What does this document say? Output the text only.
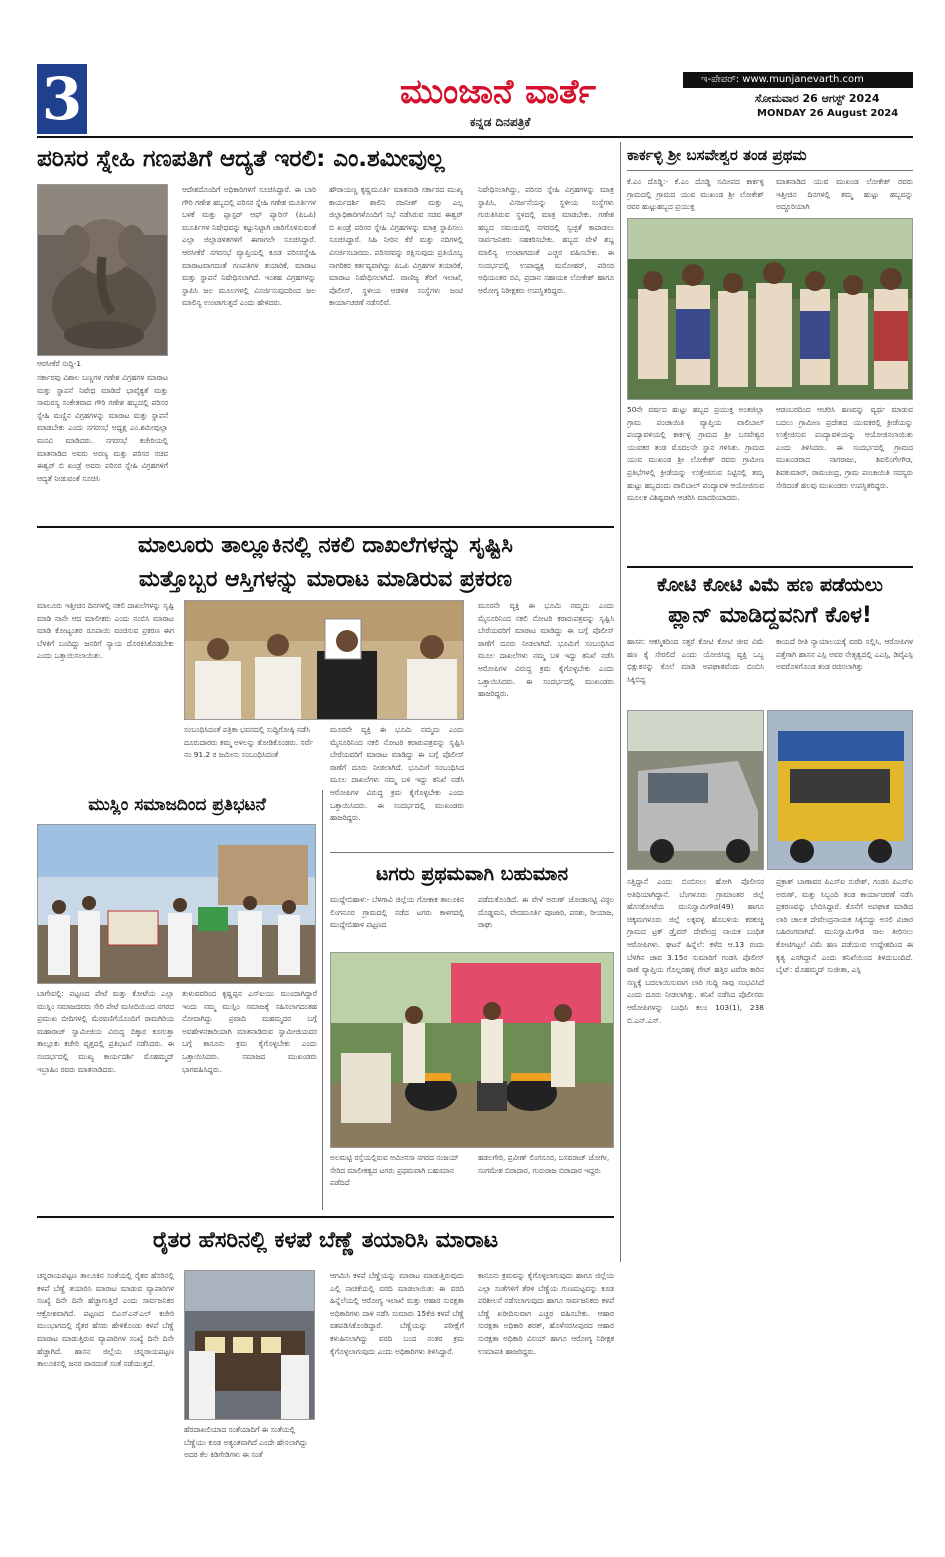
3	ಮುಂಜಾನೆ ವಾರ್ತೆ
ಕನ್ನಡ ದಿನಪತ್ರಿಕೆ
ಇ-ಪೇಪರ್: www.munjanevarth.com
ಸೋಮವಾರ 26 ಆಗಸ್ಟ್ 2024
MONDAY 26 August 2024
ಪರಿಸರ ಸ್ನೇಹಿ ಗಣಪತಿಗೆ ಆದ್ಯತೆ ಇರಲಿ: ಎಂ.ಶಮೀವುಲ್ಲ
ಆರಸೀಕೆರೆ ಸುದ್ದಿ-1
ಸರ್ಕಾರವು ವಿಶಾಲ ಬಣ್ಣಗಳ ಗಣೇಶ ವಿಗ್ರಹಗಳ ಮಾರಾಟ ಮತ್ತು ಸ್ಥಾಪನೆ ನಿಷೇಧ ಮಾಡಿದೆ ಭಾವೈಕ್ಯತೆ ಮತ್ತು ಸಾಮರಸ್ಯ ಸಂಕೇತವಾದ ಗೌರಿ ಗಣೇಶ ಹಬ್ಬದಲ್ಲಿ ಪರಿಸರ ಸ್ನೇಹಿ ಮಣ್ಣಿನ ವಿಗ್ರಹಗಳನ್ನು ಮಾರಾಟ ಮತ್ತು ಸ್ಥಾಪನೆ ಮಾಡಬೇಕು ಎಂದು ನಗರಸಭೆ ಅಧ್ಯಕ್ಷ ಎಂ.ಶಮೀವುಲ್ಲಾ ಮನವಿ ಮಾಡಿದರು. ನಗರಸಭೆ ಕಚೇರಿಯಲ್ಲಿ ಮಾತನಾಡಿದ ಅವರು ಅರಣ್ಯ ಮತ್ತು ಪರಿಸರ ಸಚಿವ ಈಶ್ವರ್ ಬಿ ಖಂಡ್ರೆ ಅವರು ಪರಿಸರ ಸ್ನೇಹಿ ವಿಗ್ರಹಗಳಿಗೆ ಆದ್ಯತೆ ನೀಡುವಂತೆ ಸೂಚಿಸಿ
ಆದೇಶದೊಂದಿಗೆ ಅಧಿಕಾರಿಗಳಿಗೆ ಸೂಚಿಸಿದ್ದಾರೆ. ಈ ಬಾರಿ ಗೌರಿ ಗಣೇಶ ಹಬ್ಬದಲ್ಲಿ ಪರಿಸರ ಸ್ನೇಹಿ ಗಣೇಶ ಮೂರ್ತಿಗಳ ಬಳಕೆ ಮತ್ತು ಪ್ಲಾಸ್ಟರ್ ಆಫ್ ಪ್ಯಾರಿಸ್ (ಪಿಒಪಿ) ಮೂರ್ತಿಗಳ ನಿಷೇಧವನ್ನು ಕಟ್ಟುನಿಟ್ಟಾಗಿ ಜಾರಿಗೊಳಿಸುವಂತೆ ಎಲ್ಲಾ ಜಿಲ್ಲಾಡಳಿತಗಳಿಗೆ ಈಗಾಗಲೇ ಸೂಚಿಸಿದ್ದಾರೆ. ಆರಸೀಕೆರೆ ನಗರಸಭೆ ವ್ಯಾಪ್ತಿಯಲ್ಲಿ ಕೂಡ ಪರಿಸರಸ್ನೇಹಿ ಮಾರಾಟವಾಗದಂತೆ ಗಣಪತಿಗಳ ತಯಾರಿಕೆ, ಮಾರಾಟ ಮತ್ತು ಸ್ಥಾಪನೆ ನಿಷೇಧಿಸಲಾಗಿದೆ. ಇಂತಹ ವಿಗ್ರಹಗಳನ್ನು ಸ್ಥಾಪಿಸಿ ಜಲ ಮೂಲಗಳಲ್ಲಿ ವಿಸರ್ಜಿಸುವುದರಿಂದ ಜಲ ಮಾಲಿನ್ಯ ಉಂಟಾಗುತ್ತದೆ ಎಂದು ಹೇಳಿದರು.
ಹೌರಾಯಣ್ಣ ಕೃಷ್ಣಮೂರ್ತಿ ಮಾತನಾಡಿ ಸರ್ಕಾರದ ಮುಖ್ಯ ಕಾರ್ಯದರ್ಶಿ ಶಾಲಿನಿ ರಜನೀಶ್ ಮತ್ತು ಎಲ್ಲ ಜಿಲ್ಲಾಧಿಕಾರಿಗಳೊಂದಿಗೆ ಸಭೆ ನಡೆಸಿರುವ ಸಚಿವ ಈಶ್ವರ್ ಬಿ ಖಂಡ್ರೆ ಪರಿಸರ ಸ್ನೇಹಿ ವಿಗ್ರಹಗಳನ್ನು ಮಾತ್ರ ಸ್ಥಾಪಿಸಲು ಸೂಚಿಸಿದ್ದಾರೆ. ಸಿಹಿ ನೀರಿನ ಕೆರೆ ಮತ್ತು ನದಿಗಳಲ್ಲಿ ವಿಸರ್ಜಿಸಬಾರದು. ಪರಿಸರವನ್ನು ರಕ್ಷಿಸುವುದು ಪ್ರತಿಯೊಬ್ಬ ನಾಗರಿಕರ ಕರ್ತವ್ಯವಾಗಿದ್ದು ಪಿಒಪಿ ವಿಗ್ರಹಗಳ ತಯಾರಿಕೆ, ಮಾರಾಟ ನಿಷೇಧಿಸಲಾಗಿದೆ. ವಾಣಿಜ್ಯ ತೆರಿಗೆ ಇಲಾಖೆ, ಪೊಲೀಸ್, ಸ್ಥಳೀಯ ಆಡಳಿತ ಸಂಸ್ಥೆಗಳು ಜಂಟಿ ಕಾರ್ಯಾಚರಣೆ ನಡೆಸಲಿವೆ.
ನಿಷೇಧಿಸಲಾಗಿದ್ದು, ಪರಿಸರ ಸ್ನೇಹಿ ವಿಗ್ರಹಗಳನ್ನು ಮಾತ್ರ ಸ್ಥಾಪಿಸಿ, ವಿಸರ್ಜನೆಯನ್ನು ಸ್ಥಳೀಯ ಸಂಸ್ಥೆಗಳು ಗುರುತಿಸಿರುವ ಸ್ಥಳದಲ್ಲಿ ಮಾತ್ರ ಮಾಡಬೇಕು. ಗಣೇಶ ಹಬ್ಬದ ಸಮಯದಲ್ಲಿ ನಗರದಲ್ಲಿ ಸ್ವಚ್ಛತೆ ಕಾಪಾಡಲು ಸಾರ್ವಜನಿಕರು ಸಹಕರಿಸಬೇಕು. ಹಬ್ಬದ ವೇಳೆ ಶಬ್ದ ಮಾಲಿನ್ಯ ಉಂಟಾಗದಂತೆ ಎಚ್ಚರ ವಹಿಸಬೇಕು. ಈ ಸಂದರ್ಭದಲ್ಲಿ ಉಪಾಧ್ಯಕ್ಷ ಮನೋಹರ್, ಪರಿಸರ ಅಧಿಯಂತರ ರವಿ, ಪ್ರದಾನ ಸಹಾಯಕ ಲೋಕೇಶ್ ಹಾಗೂ ಆರೋಗ್ಯ ನಿರೀಕ್ಷಕರು ಉಪಸ್ಥಿತರಿದ್ದರು.
ಕಾರ್ಕಳ್ಳಿ ಶ್ರೀ ಬಸವೇಶ್ವರ ತಂಡ ಪ್ರಥಮ
ಕೆ.ಎಂ ದೊಡ್ಡಿ:- ಕೆ.ಎಂ ದೊಡ್ಡಿ ಸಮೀಪದ ಕಾರ್ಕಳ್ಳಿ ಗ್ರಾಮದಲ್ಲಿ ಗ್ರಾಮದ ಯುವ ಮುಖಂಡ ಶ್ರೀ ಲೋಕೇಶ್ ರವರ ಹುಟ್ಟುಹಬ್ಬದ ಪ್ರಯುಕ್ತ
ಮಾತನಾಡಿದ ಯುವ ಮುಖಂಡ ಲೋಕೇಶ್ ರವರು ಇತ್ತೀಚಿನ ದಿನಗಳಲ್ಲಿ ತಮ್ಮ ಹುಟ್ಟು ಹಬ್ಬವನ್ನು ಅದ್ದೂರಿಯಾಗಿ
50ನೇ ವರ್ಷದ ಹುಟ್ಟು ಹಬ್ಬದ ಪ್ರಯುಕ್ತ ಅಂತಜಿಲ್ಲಾ ಗ್ರಾಮ ಪಂಚಾಯಿತಿ ವ್ಯಾಪ್ತಿಯ ವಾಲಿಬಾಲ್ ಪಂದ್ಯಾವಳಿಯಲ್ಲಿ ಕಾರ್ಕಳ್ಳಿ ಗ್ರಾಮದ ಶ್ರೀ ಬಸವೇಶ್ವರ ಯುವಕರ ತಂಡ ಮೊದಲನೇ ಸ್ಥಾನ ಗಳಿಸಿತು. ಗ್ರಾಮದ ಯುವ ಮುಖಂಡ ಶ್ರೀ ಲೋಕೇಶ್ ರವರು ಗ್ರಾಮೀಣ ಪ್ರತಿಭೆಗಳಲ್ಲಿ ಕ್ರೀಡೆಯನ್ನು ಉತ್ತೇಜಿಸುವ ನಿಟ್ಟಿನಲ್ಲಿ ತಮ್ಮ ಹುಟ್ಟು ಹಬ್ಬದಂದು ವಾಲಿಬಾಲ್ ಪಂದ್ಯಾವಳಿ ಆಯೋಜಿಸುವ ಮೂಲಕ ವಿಶಿಷ್ಟವಾಗಿ ಆಚರಿಸಿ ಮಾದರಿಯಾದರು.
ಆಡಂಬರದಿಂದ ಆಚರಿಸಿ ಹಣವನ್ನು ವ್ಯರ್ಥ ಮಾಡುವ ಬದಲು ಗ್ರಾಮೀಣ ಪ್ರದೇಶದ ಯುವಕರಲ್ಲಿ ಕ್ರೀಡೆಯನ್ನು ಉತ್ತೇಜಿಸುವ ಪಂದ್ಯಾವಳಿಯನ್ನು ಆಯೋಜಿಸಲಾಯಿತು ಎಂದು ತಿಳಿಸಿದರು. ಈ ಸಂದರ್ಭದಲ್ಲಿ ಗ್ರಾಮದ ಮುಖಂಡರಾದ ನಾಗರಾಜು, ಶಿವಲಿಂಗೇಗೌಡ, ಶಿವಕುಮಾರ್, ರಾಮಚಂದ್ರ, ಗ್ರಾಮ ಪಂಚಾಯಿತಿ ಸದಸ್ಯರು ಸೇರಿದಂತೆ ಹಲವು ಮುಖಂಡರು ಉಪಸ್ಥಿತರಿದ್ದರು.
ಮಾಲೂರು ತಾಲ್ಲೂಕಿನಲ್ಲಿ ನಕಲಿ ದಾಖಲೆಗಳನ್ನು ಸೃಷ್ಟಿಸಿ
ಮತ್ತೊಬ್ಬರ ಆಸ್ತಿಗಳನ್ನು ಮಾರಾಟ ಮಾಡಿರುವ ಪ್ರಕರಣ
ಮಾಲೂರು ಇತ್ತೀಚಿನ ದಿನಗಳಲ್ಲಿ ನಕಲಿ ದಾಖಲೆಗಳನ್ನು ಸೃಷ್ಟಿ ಮಾಡಿ ನಾನೇ ಆದ ಮಾಲೀಕರು ಎಂದು ನಂಬಿಸಿ ಮಾರಾಟ ಮಾಡಿ ಕೋಟ್ಯಂತರ ರೂಪಾಯಿ ವಂಚಿಸುವ ಪ್ರಕರಣ ಈಗ ಬೆಳಕಿಗೆ ಬಂದಿದ್ದು ಜನರಿಗೆ ನ್ಯಾಯ ದೊರಕಿಸಿಕೊಡಬೇಕು ಎಂದು ಒತ್ತಾಯಿಸಲಾಯಿತು.
ಸಂಬಂಧಿಸಿದಂತೆ ಪತ್ರಿಕಾ ಭವನದಲ್ಲಿ ಸುದ್ದಿಗೋಷ್ಠಿ ನಡೆಸಿ ದೂರುದಾರರು ತಮ್ಮ ಅಳಲನ್ನು ತೋಡಿಕೊಂಡರು. ಸರ್ವೆ ನಂ 91.2 ರ ಜಮೀನು ಸಂಬಂಧಿಸಿದಂತೆ
ಮೂರನೇ ವ್ಯಕ್ತಿ ಈ ಭೂಮಿ ನಮ್ಮದು ಎಂದು ಮೈಸೂರಿನಿಂದ ನಕಲಿ ನೋಟರಿ ಕರಾರುಪತ್ರವನ್ನು ಸೃಷ್ಟಿಸಿ ಬೇರೆಯವರಿಗೆ ಮಾರಾಟ ಮಾಡಿದ್ದು ಈ ಬಗ್ಗೆ ಪೊಲೀಸ್ ಠಾಣೆಗೆ ದೂರು ನೀಡಲಾಗಿದೆ. ಭೂಮಿಗೆ ಸಂಬಂಧಿಸಿದ ಮೂಲ ದಾಖಲೆಗಳು ನಮ್ಮ ಬಳಿ ಇದ್ದು ತನಿಖೆ ನಡೆಸಿ ಆರೋಪಿಗಳ ವಿರುದ್ಧ ಕ್ರಮ ಕೈಗೊಳ್ಳಬೇಕು ಎಂದು ಒತ್ತಾಯಿಸಿದರು. ಈ ಸಂದರ್ಭದಲ್ಲಿ ಮುಖಂಡರು ಹಾಜರಿದ್ದರು.
ಮೂರನೇ ವ್ಯಕ್ತಿ ಈ ಭೂಮಿ ನಮ್ಮದು ಎಂದು ಮೈಸೂರಿನಿಂದ ನಕಲಿ ನೋಟರಿ ಕರಾರುಪತ್ರವನ್ನು ಸೃಷ್ಟಿಸಿ ಬೇರೆಯವರಿಗೆ ಮಾರಾಟ ಮಾಡಿದ್ದು ಈ ಬಗ್ಗೆ ಪೊಲೀಸ್ ಠಾಣೆಗೆ ದೂರು ನೀಡಲಾಗಿದೆ. ಭೂಮಿಗೆ ಸಂಬಂಧಿಸಿದ ಮೂಲ ದಾಖಲೆಗಳು ನಮ್ಮ ಬಳಿ ಇದ್ದು ತನಿಖೆ ನಡೆಸಿ ಆರೋಪಿಗಳ ವಿರುದ್ಧ ಕ್ರಮ ಕೈಗೊಳ್ಳಬೇಕು ಎಂದು ಒತ್ತಾಯಿಸಿದರು. ಈ ಸಂದರ್ಭದಲ್ಲಿ ಮುಖಂಡರು ಹಾಜರಿದ್ದರು.
ಮುಸ್ಲಿಂ ಸಮಾಜದಿಂದ ಪ್ರತಿಭಟನೆ
ಬಾಗೇಪಲ್ಲಿ: ಪಟ್ಟಣದ ಪೇಟೆ ಮತ್ತು ಕೋಟೆಯ ಎಲ್ಲಾ ಮುಸ್ಲಿಂ ಸಮಾಜದವರು ಸೇರಿ ಪೇಟೆ ಮಸೀದಿಯಿಂದ ನಗರದ ಪ್ರಮುಖ ಬೀದಿಗಳಲ್ಲಿ ಮೆರವಣಿಗೆಯೊಂದಿಗೆ ರಾಮಗಿರಿಯ ಮಹಾರಾಜ್ ಸ್ವಾಮೀಜಿಯ ವಿರುದ್ಧ ದಿಕ್ಕಾರ ಕೂಗುತ್ತಾ ತಾಲ್ಲೂಕು ಕಚೇರಿ ವೃತ್ತದಲ್ಲಿ ಪ್ರತಿಭಟನೆ ನಡೆಸಿದರು. ಈ ಸಂದರ್ಭದಲ್ಲಿ ಮುಖ್ಯ ಕಾರ್ಯದರ್ಶಿ ಮೊಹಮ್ಮದ್ ಇಬ್ರಾಹಿಂ ರವರು ಮಾತನಾಡಿದರು.
ತುಳುವವರಿಂದ ಕೃಷ್ಣಪ್ಪನ ಎಸ್ಐಯು ಮುಂದಾಗಿದ್ದಾರೆ ಇಂದು ನಮ್ಮ ಮುಸ್ಲಿಂ ಸಮಾಜಕ್ಕೆ ಸಹಿಸಲಾಗದಂತಹ ನೋವಾಗಿದ್ದು ಪ್ರವಾದಿ ಮಹಮ್ಮದರ ಬಗ್ಗೆ ಅವಹೇಳನಕಾರಿಯಾಗಿ ಮಾತನಾಡಿರುವ ಸ್ವಾಮೀಜಿಯವರ ಬಗ್ಗೆ ಕಾನೂನು ಕ್ರಮ ಕೈಗೊಳ್ಳಬೇಕು ಎಂದು ಒತ್ತಾಯಿಸಿದರು. ಸಮಾಜದ ಮುಖಂಡರು ಭಾಗವಹಿಸಿದ್ದರು.
ಟಗರು ಪ್ರಥಮವಾಗಿ ಬಹುಮಾನ
ಮುದ್ದೇಬಿಹಾಳ:- ಬೆಳಗಾವಿ ಜಿಲ್ಲೆಯ ಗೋಕಾಕ ತಾಲೂಕಿನ ಲಿಂಗನೂರ ಗ್ರಾಮದಲ್ಲಿ ನಡೆದ ಟಗರು ಕಾಳಗದಲ್ಲಿ ಮುದ್ದೇಬಿಹಾಳ ಪಟ್ಟಣದ
ಪಡೆದುಕೊಂಡಿದೆ. ಈ ವೇಳೆ ಅರುಣ್ ಜೋಡಾನಟ್ಟಿ ವಿಠ್ಠಲ ದೊಡ್ಡಮನಿ, ವೇದಮೂರ್ತಿ ಪೂಜಾರಿ, ಪರಶು, ರೀಯಾಜ, ರಾಘು
ಅಲಮಟ್ಟಿ ರಸ್ತೆಯಲ್ಲಿರುವ ಆಮೀನಸಾ ನಗರದ ಸಂಜಯ್ ಸೇರಿದ ಮಾಲೀಕತ್ವದ ಟಗರು ಪ್ರಥಮವಾಗಿ ಬಹುಮಾನ ಪಡೆದಿದೆ
ಹಡಲಗೇರಿ, ಪ್ರವೀಣ್ ಲಿಂಗಸೂರ, ಬಸವರಾಜ್ ಜೋಗೀ, ಸಂಗಮೇಶ ಬಿರಾದಾರ, ಗುರುರಾಜ ಬಿರಾದಾರ ಇದ್ದರು
ಕೋಟಿ ಕೋಟಿ ವಿಮೆ ಹಣ ಪಡೆಯಲು
ಪ್ಲಾನ್ ಮಾಡಿದ್ದವನಿಗೆ ಕೊಳ!
ಹಾಸನ: ಆಕಸ್ಮಿಕದಿಂದ ಸತ್ತರೆ ಕೋಟಿ ಕೋಟಿ ಜೀವ ವಿಮೆ ಹಣ ಕೈ ಸೇರಲಿದೆ ಎಂದು ಯೋಜಿಸಿದ್ದ ವ್ಯಕ್ತಿ ಒಬ್ಬ ಭಿಕ್ಷುಕನನ್ನು ಕೊಲೆ ಮಾಡಿ ಅಪಘಾತವೆಂದು ಬಿಂಬಿಸಿ ಸಿಕ್ಕಿಬಿದ್ದ
ಕಾಯದೆ ರೀತಿ ನ್ಯಾಯಾಲಯಕ್ಕೆ ವರದಿ ಸಲ್ಲಿಸಿ, ಆರೋಪಿಗಳ ಪತ್ತೆಗಾಗಿ ಹಾಸನ ಎಸ್ಪಿ ಅವರ ನೇತೃತ್ವದಲ್ಲಿ ಎಎಸ್ಪಿ, ಡಿವೈಎಸ್ಪಿ ಅವರೊಳಗೊಂಡ ತಂಡ ರಚಿಸಲಾಗಿತ್ತು
ಸತ್ತಿದ್ದಾನೆ ಎಂದು ಬಿಂಬಿಸಲು ಹೋಗಿ ಪೊಲೀಸರ ಅತಿಥಿಯಾಗಿದ್ದಾನೆ. ಬೆಂಗಳೂರು ಗ್ರಾಮಾಂತರ ಜಿಲ್ಲೆ ಹೊಸಕೋಟೆಯ ಮುನಿಸ್ವಾಮಿಗೌಡ(49) ಹಾಗೂ ಚಿಕ್ಕಮಗಳೂರು ಜಿಲ್ಲೆ ಲಕ್ಕವಳ್ಳಿ ಹೊಬಳಿಯ ಕರಕುಚ್ಚಿ ಗ್ರಾಮದ ಟ್ರಕ್ ಡ್ರೈವರ್ ದೇವೇಂದ್ರ ನಾಯಕ ಬಂಧಿತ ಆರೋಪಿಗಳು. ಘಟನೆ ಹಿನ್ನೆಲೆ: ಕಳೆದ ಆ.13 ರಂದು ಬೆಳಗಿನ ಜಾವ 3.15ರ ಸುಮಾರಿಗೆ ಗಂಡಸಿ ಪೊಲೀಸ್ ಠಾಣೆ ವ್ಯಾಪ್ತಿಯ ಗೊಲ್ಲರಹಳ್ಳಿ ಗೇಟ್ ಹತ್ತಿರ ಟವೆರಾ ಕಾರಿನ ಸಣ್ಣಕ್ಕೆ ಬದಲಾಯಿಸುವಾಗ ಲಾರಿ ಗುದ್ದಿ ಸಾವು ಸಂಭವಿಸಿದೆ ಎಂದು ದೂರು ನೀಡಲಾಗಿತ್ತು. ತನಿಖೆ ನಡೆಸಿದ ಪೊಲೀಸರು ಆರೋಪಿಗಳನ್ನು ಬಂಧಿಸಿ ಕಲಂ 103(1), 238 ಬಿ.ಎನ್.ಎಸ್.
ಪ್ರಕ್ರಾಶ್ ಬಾಣಾವರ ಪಿಎಸ್ಐ ಸುರೇಶ್, ಗಂಡಸಿ ಪಿಎಸ್ಐ ಅರುಣ್, ಮತ್ತು ಸಿಬ್ಬಂದಿ ತಂಡ ಕಾರ್ಯಾಚರಣೆ ನಡೆಸಿ ಪ್ರಕರಣವನ್ನು ಭೇದಿಸಿದ್ದಾರೆ. ಕೊನೆಗೆ ಅಪಘಾತ ಮಾಡಿದ ಲಾರಿ ಚಾಲಕ ದೇವೇಂದ್ರನಾಯಕ ಸಿಕ್ಕಿಬಿದ್ದು ಅಸಲಿ ವಿಚಾರ ಬಹಿರಂಗವಾಗಿದೆ. ಮುನಿಸ್ವಾಮಿಗೌಡ ಸಾಲ ತೀರಿಸಲು ಕೋಟಿಗಟ್ಟಲೆ ವಿಮೆ ಹಣ ಪಡೆಯುವ ಉದ್ದೇಶದಿಂದ ಈ ಕೃತ್ಯ ಎಸಗಿದ್ದಾನೆ ಎಂದು ತನಿಖೆಯಿಂದ ತಿಳಿದುಬಂದಿದೆ. ಬೈಟ್: ಮೊಹಮ್ಮದ್ ಸುಜೀತಾ, ಎಸ್ಪಿ
ರೈತರ ಹೆಸರಿನಲ್ಲಿ ಕಳಪೆ ಬೆಣ್ಣೆ ತಯಾರಿಸಿ ಮಾರಾಟ
ಚನ್ನರಾಯಪಟ್ಟಣ ತಾಲೂಕಿನ ಸಂತೆಯಲ್ಲಿ ರೈತರ ಹೆಸರಿನಲ್ಲಿ ಕಳಪೆ ಬೆಣ್ಣೆ ತಯಾರಿಸಿ ಮಾರಾಟ ಮಾಡುವ ವ್ಯಾಪಾರಿಗಳ ಸಂಖ್ಯೆ ದಿನೇ ದಿನೇ ಹೆಚ್ಚಾಗುತ್ತಿದೆ ಎಂದು ಸಾರ್ವಜನಿಕರ ಆಕ್ರೋಶವಾಗಿದೆ. ಪಟ್ಟಣದ ಬಿಎಸ್ಎನ್ಎಲ್ ಕಚೇರಿ ಮುಂಭಾಗದಲ್ಲಿ ರೈತರ ಹೆಸರು ಹೇಳಿಕೊಂಡು ಕಳಪೆ ಬೆಣ್ಣೆ ಮಾರಾಟ ಮಾಡುತ್ತಿರುವ ವ್ಯಾಪಾರಿಗಳ ಸಂಖ್ಯೆ ದಿನೇ ದಿನೇ ಹೆಚ್ಚಾಗಿದೆ. ಹಾಸನ ಜಿಲ್ಲೆಯ ಚನ್ನರಾಯಪಟ್ಟಣ ತಾಲೂಕಿನಲ್ಲಿ ಜನರ ವಾರದಂತೆ ಸಂತೆ ನಡೆಯುತ್ತದೆ.
ಹೆರದಾಖಲಿಯಾದ ಸಂತೆಯಾದಿಗೆ ಈ ಸಂತೆಯಲ್ಲಿ ಬೆಣ್ಣೆಯು ಕೂಡ ಅತ್ಯಂತವಾಗಿದೆ ಎಂದೇ ಹೇಸಲಾಗಿದ್ದು ಅದರ ಕೆಲ ಕಿಡಿಗೇಡಿಗಳು ಈ ಸಂತೆ
ಆಗಮಿಸಿ ಕಳಪೆ ಬೆಣ್ಣೆಯನ್ನು ಮಾರಾಟ ಮಾಡುತ್ತಿರುವುದು ಎಲ್ಲಿ ನಾಚಿಕೆಯಲ್ಲಿ ವರದಿ ಮಾಡಲಾಯಿತು ಈ ವರದಿ ಹಿನ್ನೆಲೆಯಲ್ಲಿ ಆರೋಗ್ಯ ಇಲಾಖೆ ಮತ್ತು ಆಹಾರ ಸುರಕ್ಷತಾ ಅಧಿಕಾರಿಗಳು ದಾಳಿ ನಡೆಸಿ ಸುಮಾರು 15ಕೆಜಿ ಕಳಪೆ ಬೆಣ್ಣೆ ವಶಪಡಿಸಿಕೊಂಡಿದ್ದಾರೆ. ಬೆಣ್ಣೆಯನ್ನು ಪರೀಕ್ಷೆಗೆ ಕಳುಹಿಸಲಾಗಿದ್ದು ವರದಿ ಬಂದ ನಂತರ ಕ್ರಮ ಕೈಗೊಳ್ಳಲಾಗುವುದು ಎಂದು ಅಧಿಕಾರಿಗಳು ತಿಳಿಸಿದ್ದಾರೆ.
ಕಾನೂನು ಕ್ರಮವನ್ನು ಕೈಗೊಳ್ಳಲಾಗುವುದು ಹಾಗೂ ಜಿಲ್ಲೆಯ ಎಲ್ಲಾ ಸಂತೆಗಳಿಗೆ ತೆರಳಿ ಬೆಣ್ಣೆಯ ಗುಣಮಟ್ಟವನ್ನು ಕೂಡ ಪರಿಶೀಲನೆ ನಡೆಸಲಾಗುವುದು ಹಾಗೂ ಸಾರ್ವಜನಿಕರು ಕಳಪೆ ಬೆಣ್ಣೆ ಖರೀದಿಸುವಾಗ ಎಚ್ಚರ ವಹಿಸಬೇಕು. ಆಹಾರ ಸುರಕ್ಷತಾ ಅಧಿಕಾರಿ ಶರತ್, ಹೊಳೆನರಸೀಪುರದ ಆಹಾರ ಸುರಕ್ಷತಾ ಅಧಿಕಾರಿ ವಿನಯ್ ಹಾಗೂ ಆರೋಗ್ಯ ನಿರೀಕ್ಷಕ ಉಮಾಪತಿ ಹಾಜರಿದ್ದರು.
